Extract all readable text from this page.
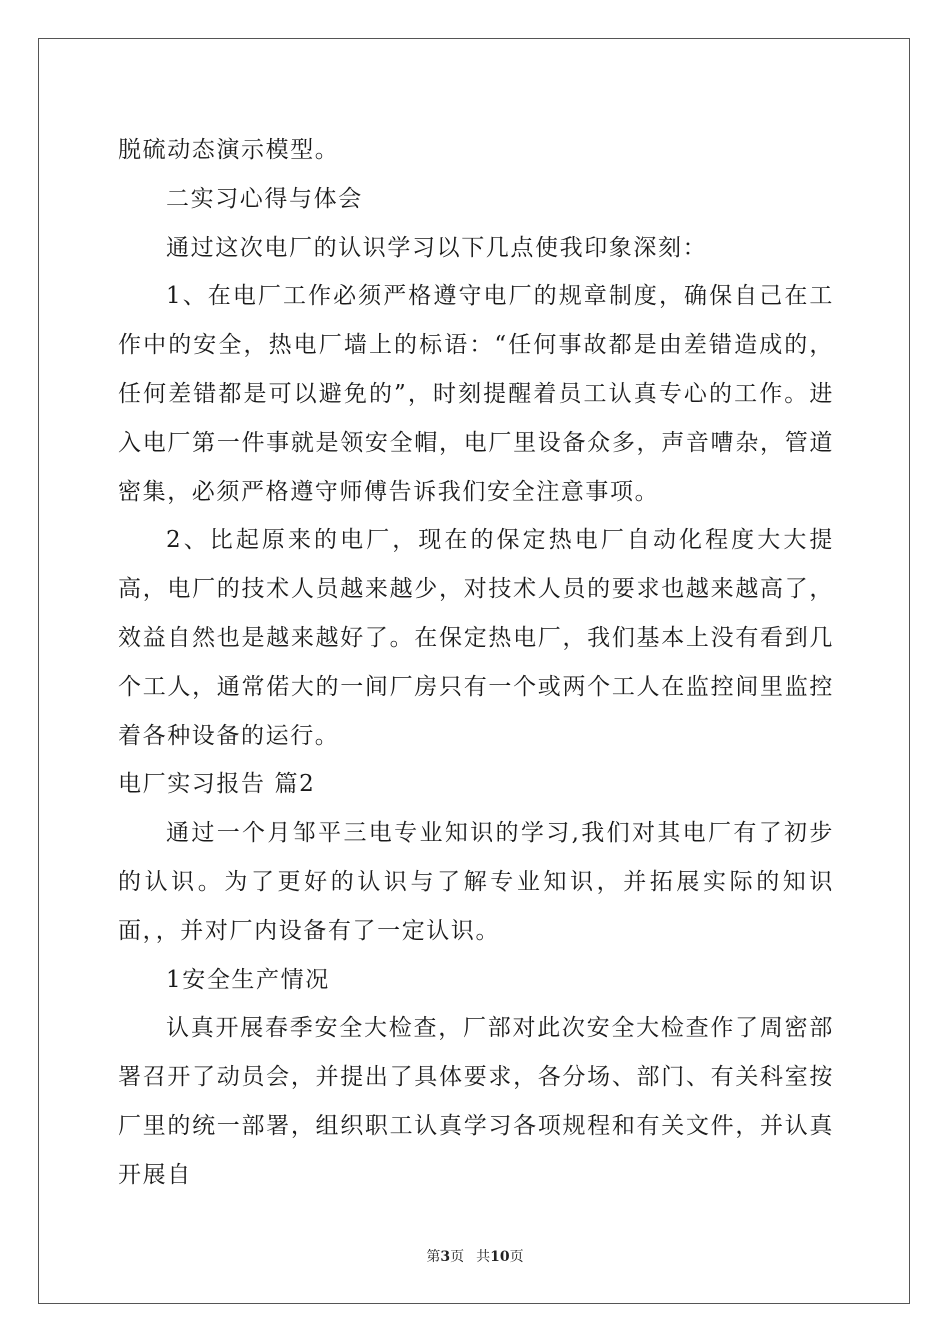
脱硫动态演示模型。

二实习心得与体会

通过这次电厂的认识学习以下几点使我印象深刻：

1、在电厂工作必须严格遵守电厂的规章制度，确保自己在工作中的安全，热电厂墙上的标语：“任何事故都是由差错造成的，任何差错都是可以避免的”，时刻提醒着员工认真专心的工作。进入电厂第一件事就是领安全帽，电厂里设备众多，声音嘈杂，管道密集，必须严格遵守师傅告诉我们安全注意事项。

2、比起原来的电厂，现在的保定热电厂自动化程度大大提高，电厂的技术人员越来越少，对技术人员的要求也越来越高了，效益自然也是越来越好了。在保定热电厂，我们基本上没有看到几个工人，通常偌大的一间厂房只有一个或两个工人在监控间里监控着各种设备的运行。

电厂实习报告 篇2

通过一个月邹平三电专业知识的学习,我们对其电厂有了初步的认识。为了更好的认识与了解专业知识，并拓展实际的知识面，，并对厂内设备有了一定认识。

1安全生产情况

认真开展春季安全大检查，厂部对此次安全大检查作了周密部署召开了动员会，并提出了具体要求，各分场、部门、有关科室按厂里的统一部署，组织职工认真学习各项规程和有关文件，并认真开展自

第3页 共10页
